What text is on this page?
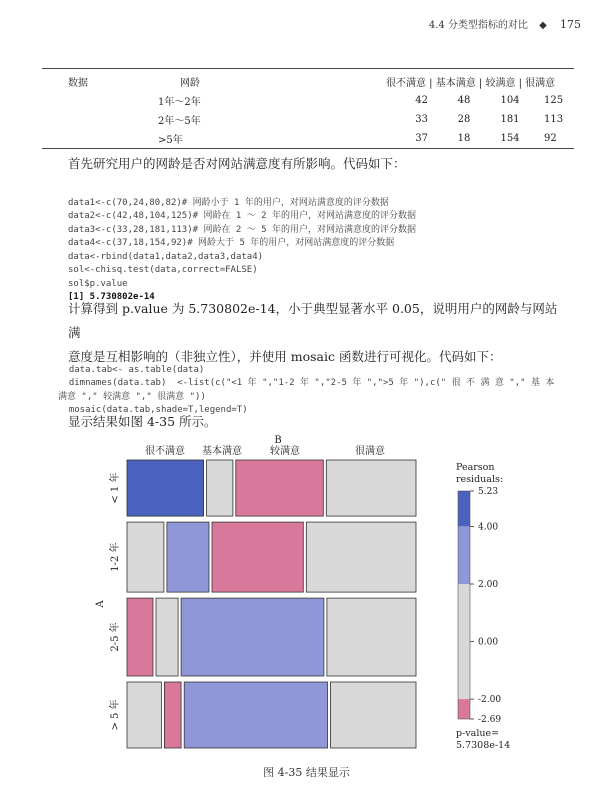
4.4 分类型指标的对比 ◆ 175
数据	网龄	很不满意 | 基本满意 | 较满意 | 很满意			
	1年～2年	42	48	104	125
	2年～5年	33	28	181	113
	>5年	37	18	154	92
首先研究用户的网龄是否对网站满意度有所影响。代码如下：

data1<-c(70,24,80,82)# 网龄小于 1 年的用户，对网站满意度的评分数据
data2<-c(42,48,104,125)# 网龄在 1 ～ 2 年的用户，对网站满意度的评分数据
data3<-c(33,28,181,113)# 网龄在 2 ～ 5 年的用户，对网站满意度的评分数据
data4<-c(37,18,154,92)# 网龄大于 5 年的用户，对网站满意度的评分数据
data<-rbind(data1,data2,data3,data4)
sol<-chisq.test(data,correct=FALSE)
sol$p.value
[1] 5.730802e-14

计算得到 p.value 为 5.730802e-14，小于典型显著水平 0.05，说明用户的网龄与网站满
意度是互相影响的（非独立性），并使用 mosaic 函数进行可视化。代码如下：

data.tab<- as.table(data)
dimnames(data.tab)  <-list(c("<1 年 ","1-2 年 ","2-5 年 ",">5 年 "),c(" 很 不 满 意 "," 基 本
满意 "," 较满意 "," 很满意 "))
mosaic(data.tab,shade=T,legend=T)

显示结果如图 4-35 所示。
很不满意 基本满意	较满意	很满意
B
< 1 年
1-2 年
2-5 年
> 5 年
A
Pearson
residuals:
5.23
4.00
2.00
0.00
-2.00
-2.69
p-value=
5.7308e-14
图 4-35 结果显示
